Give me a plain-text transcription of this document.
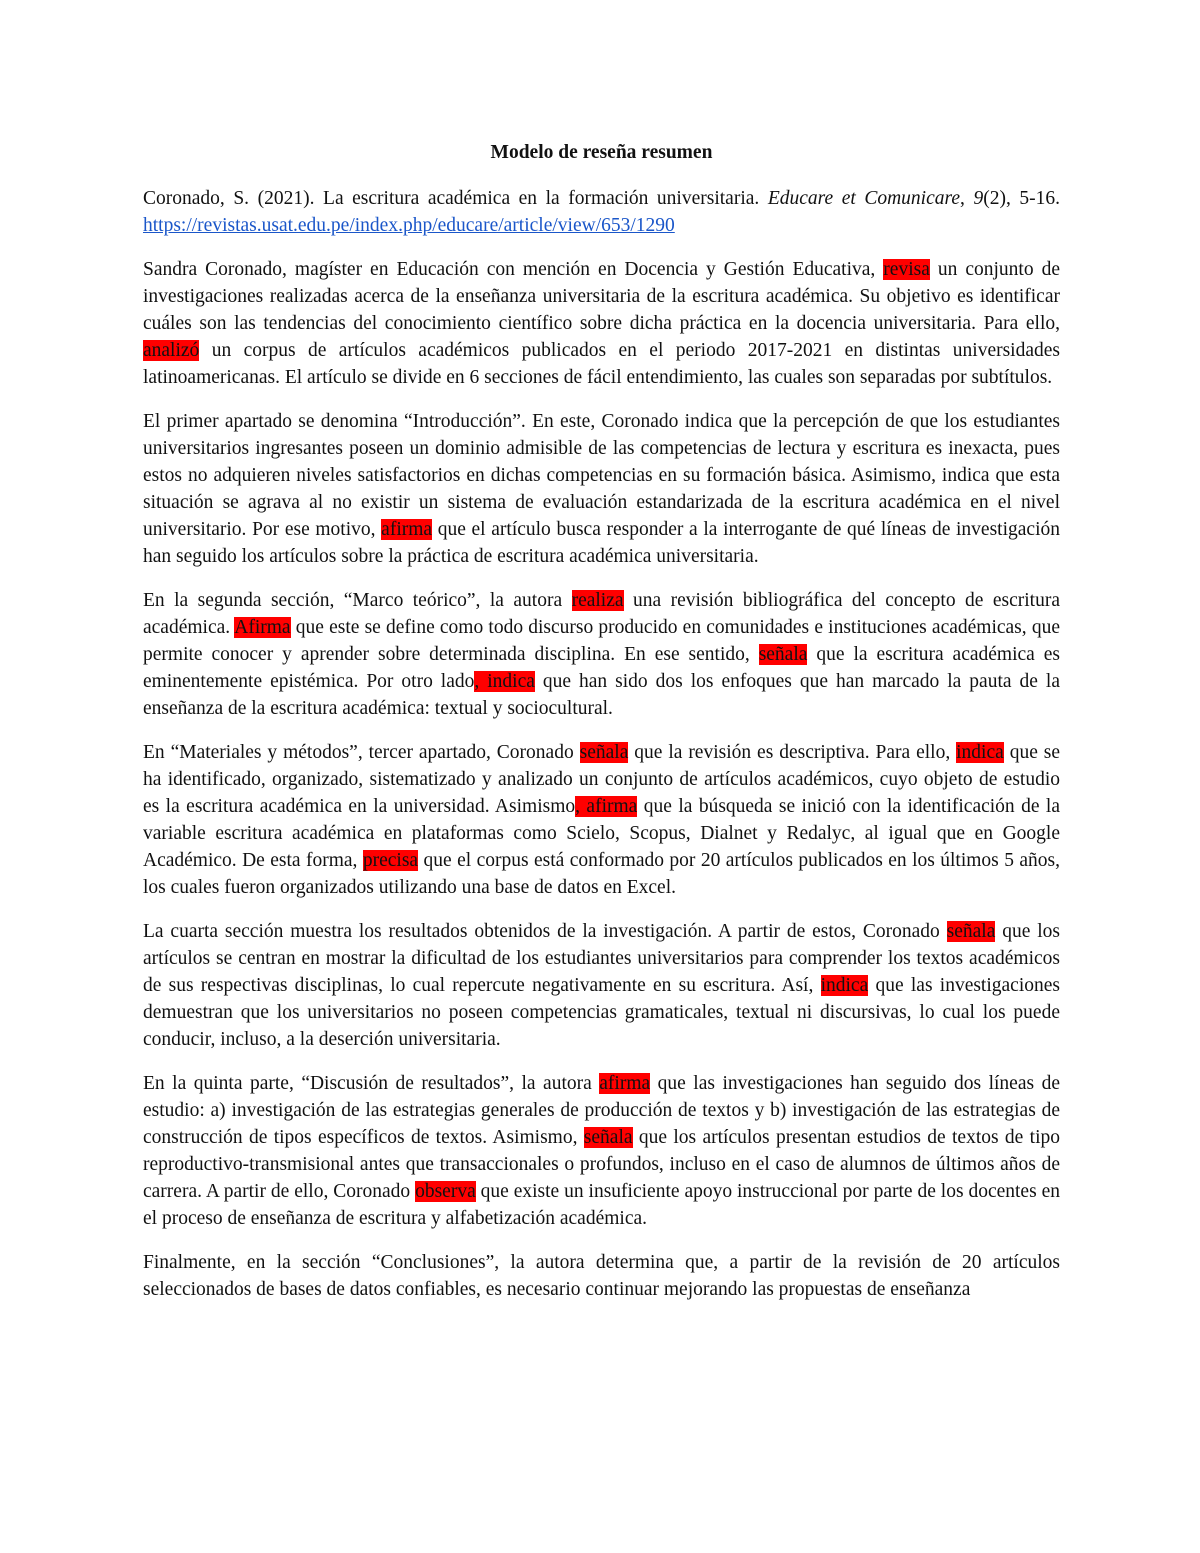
Modelo de reseña resumen
Coronado, S. (2021). La escritura académica en la formación universitaria. Educare et Comunicare, 9(2), 5-16. https://revistas.usat.edu.pe/index.php/educare/article/view/653/1290
Sandra Coronado, magíster en Educación con mención en Docencia y Gestión Educativa, revisa un conjunto de investigaciones realizadas acerca de la enseñanza universitaria de la escritura académica. Su objetivo es identificar cuáles son las tendencias del conocimiento científico sobre dicha práctica en la docencia universitaria. Para ello, analizó un corpus de artículos académicos publicados en el periodo 2017-2021 en distintas universidades latinoamericanas. El artículo se divide en 6 secciones de fácil entendimiento, las cuales son separadas por subtítulos.
El primer apartado se denomina “Introducción”. En este, Coronado indica que la percepción de que los estudiantes universitarios ingresantes poseen un dominio admisible de las competencias de lectura y escritura es inexacta, pues estos no adquieren niveles satisfactorios en dichas competencias en su formación básica. Asimismo, indica que esta situación se agrava al no existir un sistema de evaluación estandarizada de la escritura académica en el nivel universitario. Por ese motivo, afirma que el artículo busca responder a la interrogante de qué líneas de investigación han seguido los artículos sobre la práctica de escritura académica universitaria.
En la segunda sección, “Marco teórico”, la autora realiza una revisión bibliográfica del concepto de escritura académica. Afirma que este se define como todo discurso producido en comunidades e instituciones académicas, que permite conocer y aprender sobre determinada disciplina. En ese sentido, señala que la escritura académica es eminentemente epistémica. Por otro lado, indica que han sido dos los enfoques que han marcado la pauta de la enseñanza de la escritura académica: textual y sociocultural.
En “Materiales y métodos”, tercer apartado, Coronado señala que la revisión es descriptiva. Para ello, indica que se ha identificado, organizado, sistematizado y analizado un conjunto de artículos académicos, cuyo objeto de estudio es la escritura académica en la universidad. Asimismo, afirma que la búsqueda se inició con la identificación de la variable escritura académica en plataformas como Scielo, Scopus, Dialnet y Redalyc, al igual que en Google Académico. De esta forma, precisa que el corpus está conformado por 20 artículos publicados en los últimos 5 años, los cuales fueron organizados utilizando una base de datos en Excel.
La cuarta sección muestra los resultados obtenidos de la investigación. A partir de estos, Coronado señala que los artículos se centran en mostrar la dificultad de los estudiantes universitarios para comprender los textos académicos de sus respectivas disciplinas, lo cual repercute negativamente en su escritura. Así, indica que las investigaciones demuestran que los universitarios no poseen competencias gramaticales, textual ni discursivas, lo cual los puede conducir, incluso, a la deserción universitaria.
En la quinta parte, “Discusión de resultados”, la autora afirma que las investigaciones han seguido dos líneas de estudio: a) investigación de las estrategias generales de producción de textos y b) investigación de las estrategias de construcción de tipos específicos de textos. Asimismo, señala que los artículos presentan estudios de textos de tipo reproductivo-transmisional antes que transaccionales o profundos, incluso en el caso de alumnos de últimos años de carrera. A partir de ello, Coronado observa que existe un insuficiente apoyo instruccional por parte de los docentes en el proceso de enseñanza de escritura y alfabetización académica.
Finalmente, en la sección “Conclusiones”, la autora determina que, a partir de la revisión de 20 artículos seleccionados de bases de datos confiables, es necesario continuar mejorando las propuestas de enseñanza
